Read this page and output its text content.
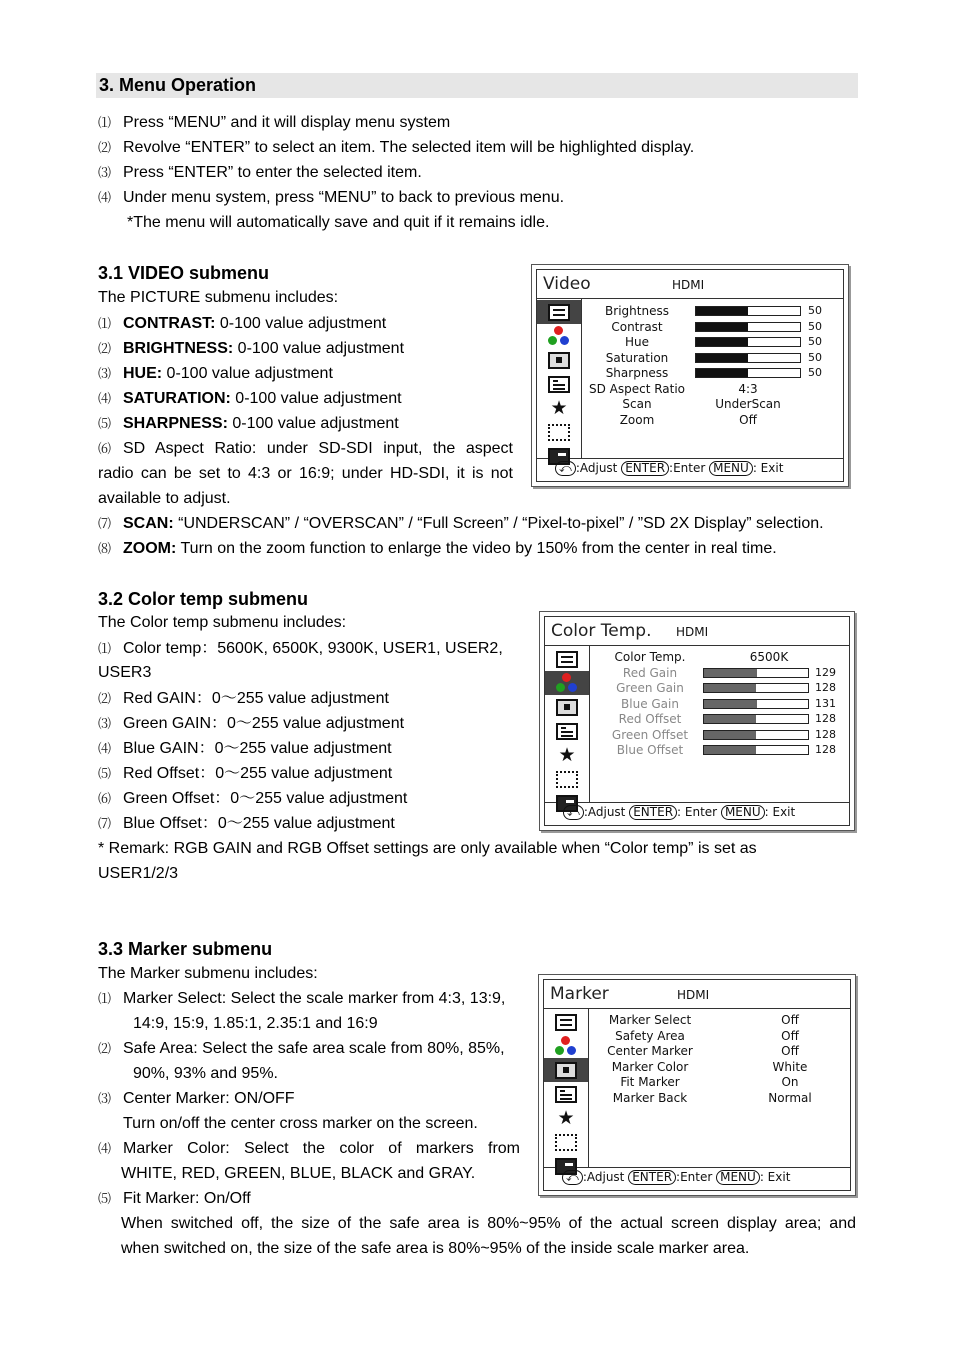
3. Menu Operation
⑴ Press “MENU” and it will display menu system
⑵ Revolve “ENTER” to select an item. The selected item will be highlighted display.
⑶ Press “ENTER” to enter the selected item.
⑷ Under menu system, press “MENU” to back to previous menu.
*The menu will automatically save and quit if it remains idle.
3.1 VIDEO submenu
The PICTURE submenu includes:
⑴ CONTRAST: 0-100 value adjustment
⑵ BRIGHTNESS: 0-100 value adjustment
⑶ HUE: 0-100 value adjustment
⑷ SATURATION: 0-100 value adjustment
⑸ SHARPNESS: 0-100 value adjustment
⑹ SD Aspect Ratio: under SD-SDI input, the aspect
radio can be set to 4:3 or 16:9; under HD-SDI, it is not
available to adjust.
⑺ SCAN: “UNDERSCAN” / “OVERSCAN” / “Full Screen” / “Pixel-to-pixel” / ”SD 2X Display” selection.
⑻ ZOOM: Turn on the zoom function to enlarge the video by 150% from the center in real time.
Video	HDMI
★
Brightness	50
Contrast	50
Hue	50
Saturation	50
Sharpness	50
SD Aspect Ratio	4:3
Scan	UnderScan
Zoom	Off
⤺ :Adjust ENTER :Enter MENU : Exit
3.2 Color temp submenu
The Color temp submenu includes:
⑴ Color temp：5600K, 6500K, 9300K, USER1, USER2,
USER3
⑵ Red GAIN：0～255 value adjustment
⑶ Green GAIN：0～255 value adjustment
⑷ Blue GAIN：0～255 value adjustment
⑸ Red Offset：0～255 value adjustment
⑹ Green Offset：0～255 value adjustment
⑺ Blue Offset：0～255 value adjustment
* Remark: RGB GAIN and RGB Offset settings are only available when “Color temp” is set as
USER1/2/3
Color Temp. HDMI
★
Color Temp.	6500K
Red Gain	129
Green Gain	128
Blue Gain	131
Red Offset	128
Green Offset	128
Blue Offset	128
⤺ :Adjust ENTER : Enter MENU : Exit
3.3 Marker submenu
The Marker submenu includes:
⑴ Marker Select: Select the scale marker from 4:3, 13:9,
14:9, 15:9, 1.85:1, 2.35:1 and 16:9
⑵ Safe Area: Select the safe area scale from 80%, 85%,
90%, 93% and 95%.
⑶ Center Marker: ON/OFF
Turn on/off the center cross marker on the screen.
⑷ Marker Color: Select the color of markers from
WHITE, RED, GREEN, BLUE, BLACK and GRAY.
⑸ Fit Marker: On/Off
When switched off, the size of the safe area is 80%~95% of the actual screen display area; and
when switched on, the size of the safe area is 80%~95% of the inside scale marker area.
Marker	HDMI
★
Marker Select	Off
Safety Area	Off
Center Marker	Off
Marker Color	White
Fit Marker	On
Marker Back	Normal
⤺ :Adjust ENTER :Enter MENU : Exit
